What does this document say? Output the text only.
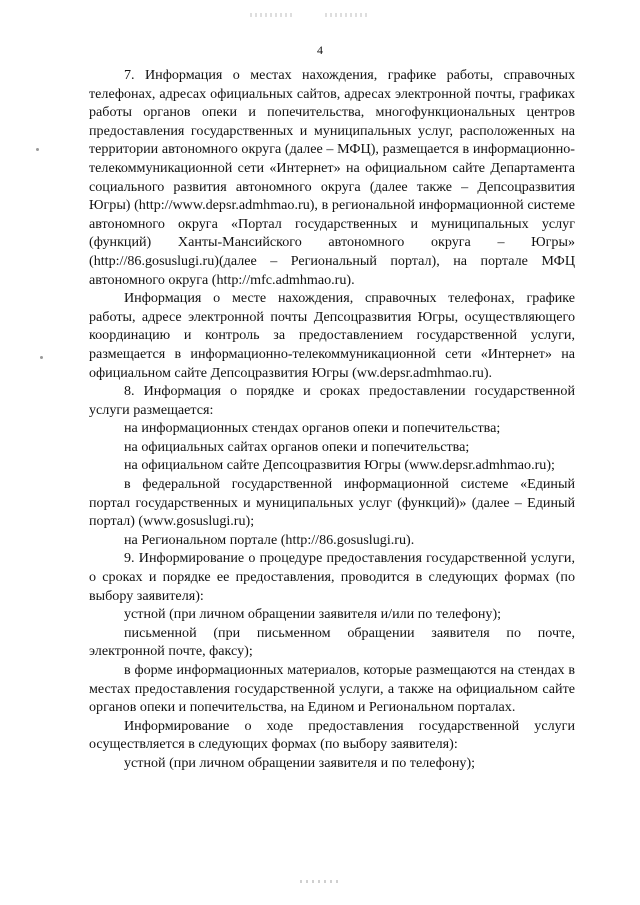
4

7. Информация о местах нахождения, графике работы, справочных телефонах, адресах официальных сайтов, адресах электронной почты, графиках работы органов опеки и попечительства, многофункциональных центров предоставления государственных и муниципальных услуг, расположенных на территории автономного округа (далее – МФЦ), размещается в информационно-телекоммуникационной сети «Интернет» на официальном сайте Департамента социального развития автономного округа (далее также – Депсоцразвития Югры) (http://www.depsr.admhmao.ru), в региональной информационной системе автономного округа «Портал государственных и муниципальных услуг (функций) Ханты-Мансийского автономного округа – Югры» (http://86.gosuslugi.ru)(далее – Региональный портал), на портале МФЦ автономного округа (http://mfc.admhmao.ru).

Информация о месте нахождения, справочных телефонах, графике работы, адресе электронной почты Депсоцразвития Югры, осуществляющего координацию и контроль за предоставлением государственной услуги, размещается в информационно-телекоммуникационной сети «Интернет» на официальном сайте Депсоцразвития Югры (ww.depsr.admhmao.ru).

8. Информация о порядке и сроках предоставлении государственной услуги размещается:

на информационных стендах органов опеки и попечительства;

на официальных сайтах органов опеки и попечительства;

на официальном сайте Депсоцразвития Югры (www.depsr.admhmao.ru);

в федеральной государственной информационной системе «Единый портал государственных и муниципальных услуг (функций)» (далее – Единый портал) (www.gosuslugi.ru);

на Региональном портале (http://86.gosuslugi.ru).

9. Информирование о процедуре предоставления государственной услуги, о сроках и порядке ее предоставления, проводится в следующих формах (по выбору заявителя):

устной (при личном обращении заявителя и/или по телефону);

письменной (при письменном обращении заявителя по почте, электронной почте, факсу);

в форме информационных материалов, которые размещаются на стендах в местах предоставления государственной услуги, а также на официальном сайте органов опеки и попечительства, на Едином и Региональном порталах.

Информирование о ходе предоставления государственной услуги осуществляется в следующих формах (по выбору заявителя):

устной (при личном обращении заявителя и по телефону);
